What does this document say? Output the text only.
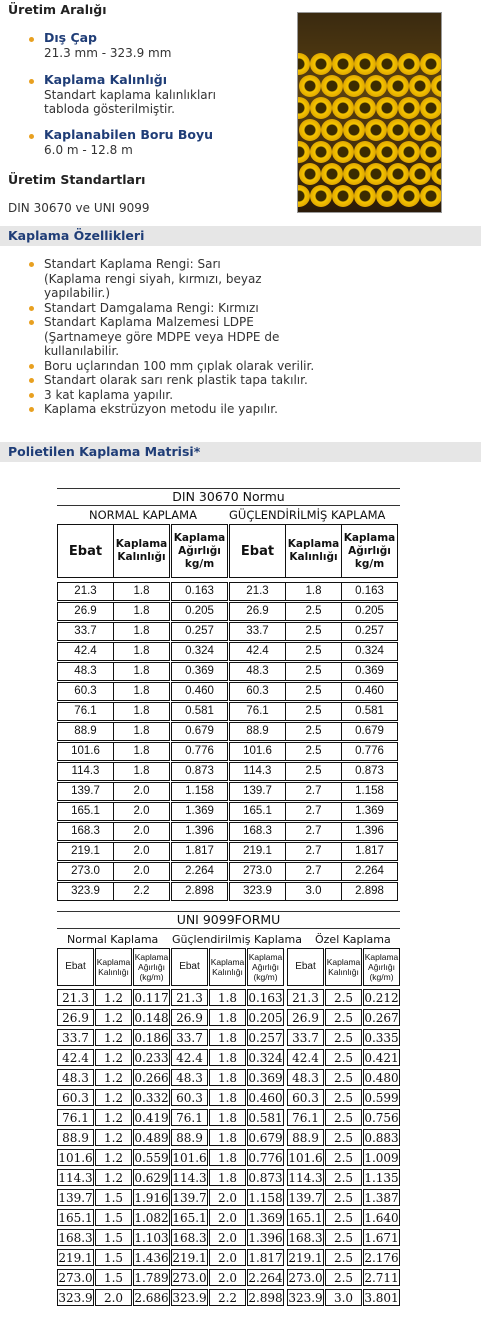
Üretim Aralığı
Dış Çap
21.3 mm - 323.9 mm
Kaplama Kalınlığı
Standart kaplama kalınlıkları
tabloda gösterilmiştir.
Kaplanabilen Boru Boyu
6.0 m - 12.8 m
Üretim Standartları
DIN 30670 ve UNI 9099
Kaplama Özellikleri
Standart Kaplama Rengi: Sarı
(Kaplama rengi siyah, kırmızı, beyaz
yapılabilir.)
Standart Damgalama Rengi: Kırmızı
Standart Kaplama Malzemesi LDPE
(Şartnameye göre MDPE veya HDPE de
kullanılabilir.
Boru uçlarından 100 mm çıplak olarak verilir.
Standart olarak sarı renk plastik tapa takılır.
3 kat kaplama yapılır.
Kaplama ekstrüzyon metodu ile yapılır.
Polietilen Kaplama Matrisi*
DIN 30670 Normu
NORMAL KAPLAMA	GÜÇLENDİRİLMİŞ KAPLAMA
Ebat Kaplama
Kalınlığı
Kaplama
Ağırlığı
kg/m
Ebat Kaplama
Kalınlığı
Kaplama
Ağırlığı
kg/m
21.3	1.8	0.163	21.3	1.8	0.163
26.9	1.8	0.205	26.9	2.5	0.205
33.7	1.8	0.257	33.7	2.5	0.257
42.4	1.8	0.324	42.4	2.5	0.324
48.3	1.8	0.369	48.3	2.5	0.369
60.3	1.8	0.460	60.3	2.5	0.460
76.1	1.8	0.581	76.1	2.5	0.581
88.9	1.8	0.679	88.9	2.5	0.679
101.6	1.8	0.776	101.6	2.5	0.776
114.3	1.8	0.873	114.3	2.5	0.873
139.7	2.0	1.158	139.7	2.7	1.158
165.1	2.0	1.369	165.1	2.7	1.369
168.3	2.0	1.396	168.3	2.7	1.396
219.1	2.0	1.817	219.1	2.7	1.817
273.0	2.0	2.264	273.0	2.7	2.264
323.9	2.2	2.898	323.9	3.0	2.898
UNI 9099FORMU
Normal Kaplama Güçlendirilmiş Kaplama Özel Kaplama
Ebat Kaplama
Kalınlığı
Kaplama
Ağırlığı
(kg/m)
Ebat Kaplama
Kalınlığı
Kaplama
Ağırlığı
(kg/m)
Ebat Kaplama
Kalınlığı
Kaplama
Ağırlığı
(kg/m)
21.3	1.2 0.117 21.3	1.8 0.163 21.3	2.5 0.212
26.9	1.2 0.148 26.9	1.8 0.205 26.9	2.5 0.267
33.7	1.2 0.186 33.7	1.8 0.257 33.7	2.5 0.335
42.4	1.2 0.233 42.4	1.8 0.324 42.4	2.5 0.421
48.3	1.2 0.266 48.3	1.8 0.369 48.3	2.5 0.480
60.3	1.2 0.332 60.3	1.8 0.460 60.3	2.5 0.599
76.1	1.2 0.419 76.1	1.8 0.581 76.1	2.5 0.756
88.9	1.2 0.489 88.9	1.8 0.679 88.9	2.5 0.883
101.6 1.2 0.559 101.6 1.8 0.776 101.6 2.5 1.009
114.3 1.2 0.629 114.3 1.8 0.873 114.3 2.5 1.135
139.7 1.5 1.916 139.7 2.0 1.158 139.7 2.5 1.387
165.1 1.5 1.082 165.1 2.0 1.369 165.1 2.5 1.640
168.3 1.5 1.103 168.3 2.0 1.396 168.3 2.5 1.671
219.1 1.5 1.436 219.1 2.0 1.817 219.1 2.5 2.176
273.0 1.5 1.789 273.0 2.0 2.264 273.0 2.5 2.711
323.9 2.0 2.686 323.9 2.2 2.898 323.9 3.0 3.801
